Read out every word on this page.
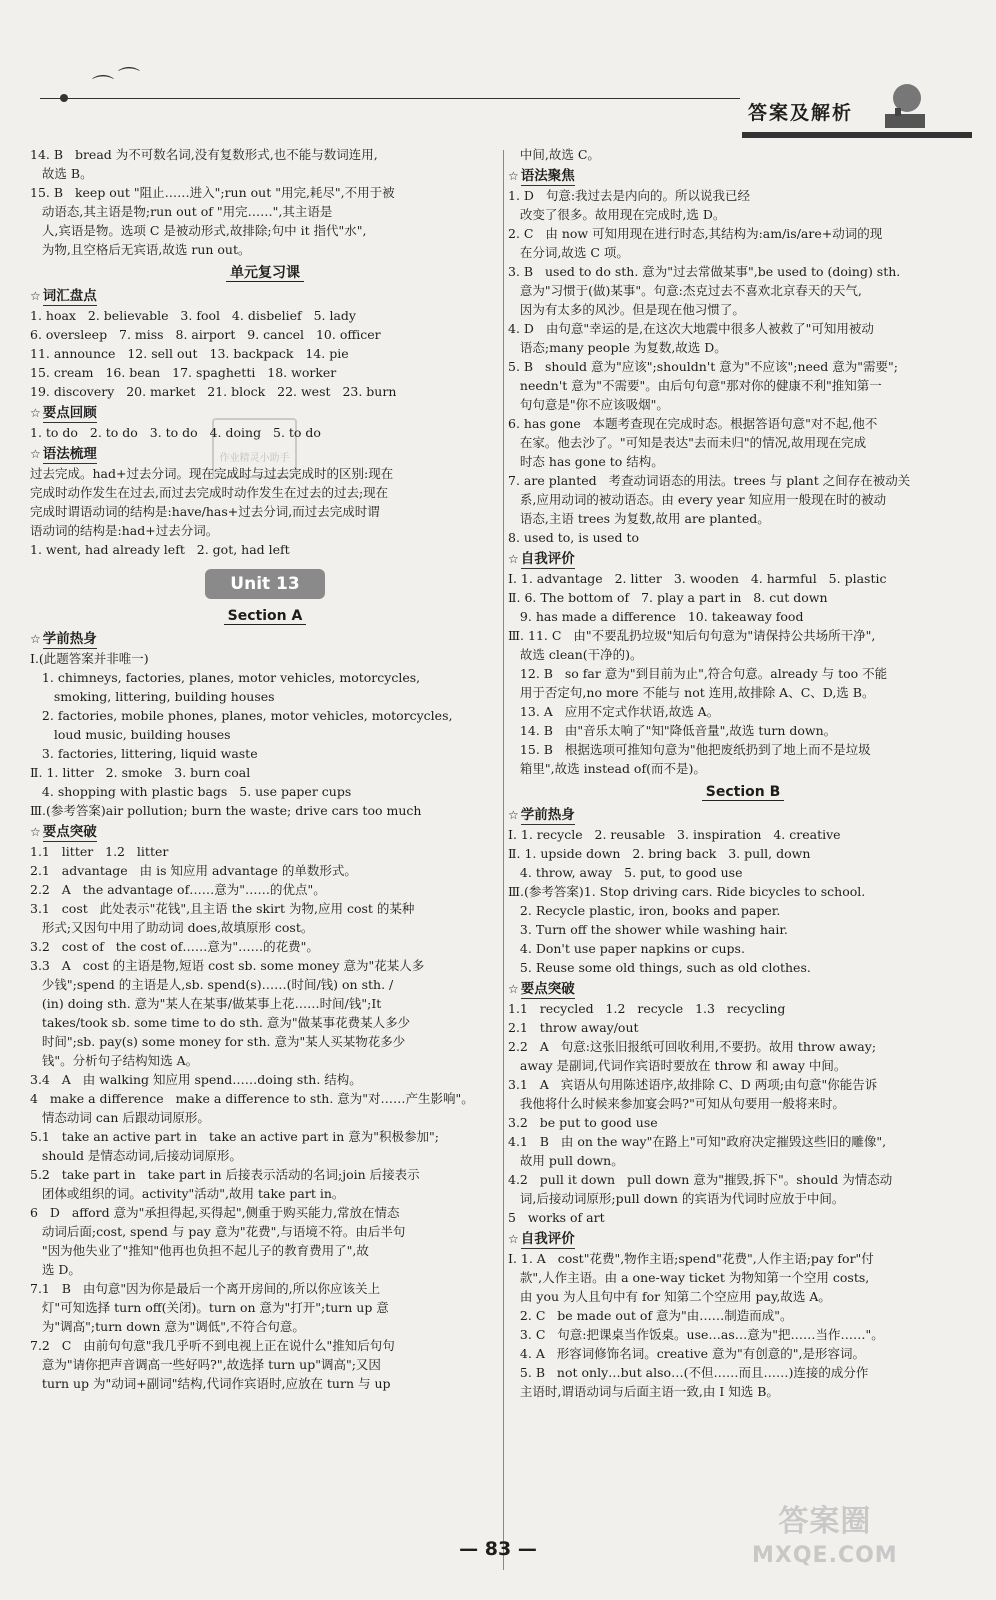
⌒ ⌒
答案及解析
作业精灵小助手
14. B   bread 为不可数名词,没有复数形式,也不能与数词连用,
故选 B。
15. B   keep out "阻止……进入";run out "用完,耗尽",不用于被
动语态,其主语是物;run out of "用完……",其主语是
人,宾语是物。选项 C 是被动形式,故排除;句中 it 指代"水",
为物,且空格后无宾语,故选 run out。
单元复习课
☆ 词汇盘点
1. hoax   2. believable   3. fool   4. disbelief   5. lady
6. oversleep   7. miss   8. airport   9. cancel   10. officer
11. announce   12. sell out   13. backpack   14. pie
15. cream   16. bean   17. spaghetti   18. worker
19. discovery   20. market   21. block   22. west   23. burn
☆ 要点回顾
1. to do   2. to do   3. to do   4. doing   5. to do
☆ 语法梳理
过去完成。had+过去分词。现在完成时与过去完成时的区别:现在
完成时动作发生在过去,而过去完成时动作发生在过去的过去;现在
完成时谓语动词的结构是:have/has+过去分词,而过去完成时谓
语动词的结构是:had+过去分词。
1. went, had already left   2. got, had left
Unit 13
Section A
☆ 学前热身
Ⅰ.(此题答案并非唯一)
1. chimneys, factories, planes, motor vehicles, motorcycles,
smoking, littering, building houses
2. factories, mobile phones, planes, motor vehicles, motorcycles,
loud music, building houses
3. factories, littering, liquid waste
Ⅱ. 1. litter   2. smoke   3. burn coal
4. shopping with plastic bags   5. use paper cups
Ⅲ.(参考答案)air pollution; burn the waste; drive cars too much
☆ 要点突破
1.1   litter   1.2   litter
2.1   advantage   由 is 知应用 advantage 的单数形式。
2.2   A   the advantage of……意为"……的优点"。
3.1   cost   此处表示"花钱",且主语 the skirt 为物,应用 cost 的某种
形式;又因句中用了助动词 does,故填原形 cost。
3.2   cost of   the cost of……意为"……的花费"。
3.3   A   cost 的主语是物,短语 cost sb. some money 意为"花某人多
少钱";spend 的主语是人,sb. spend(s)……(时间/钱) on sth. /
(in) doing sth. 意为"某人在某事/做某事上花……时间/钱";It
takes/took sb. some time to do sth. 意为"做某事花费某人多少
时间";sb. pay(s) some money for sth. 意为"某人买某物花多少
钱"。分析句子结构知选 A。
3.4   A   由 walking 知应用 spend……doing sth. 结构。
4   make a difference   make a difference to sth. 意为"对……产生影响"。
情态动词 can 后跟动词原形。
5.1   take an active part in   take an active part in 意为"积极参加";
should 是情态动词,后接动词原形。
5.2   take part in   take part in 后接表示活动的名词;join 后接表示
团体或组织的词。activity"活动",故用 take part in。
6   D   afford 意为"承担得起,买得起",侧重于购买能力,常放在情态
动词后面;cost, spend 与 pay 意为"花费",与语境不符。由后半句
"因为他失业了"推知"他再也负担不起儿子的教育费用了",故
选 D。
7.1   B   由句意"因为你是最后一个离开房间的,所以你应该关上
灯"可知选择 turn off(关闭)。turn on 意为"打开";turn up 意
为"调高";turn down 意为"调低",不符合句意。
7.2   C   由前句句意"我几乎听不到电视上正在说什么"推知后句句
意为"请你把声音调高一些好吗?",故选择 turn up"调高";又因
turn up 为"动词+副词"结构,代词作宾语时,应放在 turn 与 up
中间,故选 C。
☆ 语法聚焦
1. D   句意:我过去是内向的。所以说我已经
改变了很多。故用现在完成时,选 D。
2. C   由 now 可知用现在进行时态,其结构为:am/is/are+动词的现
在分词,故选 C 项。
3. B   used to do sth. 意为"过去常做某事",be used to (doing) sth.
意为"习惯于(做)某事"。句意:杰克过去不喜欢北京春天的天气,
因为有太多的风沙。但是现在他习惯了。
4. D   由句意"幸运的是,在这次大地震中很多人被救了"可知用被动
语态;many people 为复数,故选 D。
5. B   should 意为"应该";shouldn't 意为"不应该";need 意为"需要";
needn't 意为"不需要"。由后句句意"那对你的健康不利"推知第一
句句意是"你不应该吸烟"。
6. has gone   本题考查现在完成时态。根据答语句意"对不起,他不
在家。他去沙了。"可知是表达"去而未归"的情况,故用现在完成
时态 has gone to 结构。
7. are planted   考查动词语态的用法。trees 与 plant 之间存在被动关
系,应用动词的被动语态。由 every year 知应用一般现在时的被动
语态,主语 trees 为复数,故用 are planted。
8. used to, is used to
☆ 自我评价
Ⅰ. 1. advantage   2. litter   3. wooden   4. harmful   5. plastic
Ⅱ. 6. The bottom of   7. play a part in   8. cut down
9. has made a difference   10. takeaway food
Ⅲ. 11. C   由"不要乱扔垃圾"知后句句意为"请保持公共场所干净",
故选 clean(干净的)。
12. B   so far 意为"到目前为止",符合句意。already 与 too 不能
用于否定句,no more 不能与 not 连用,故排除 A、C、D,选 B。
13. A   应用不定式作状语,故选 A。
14. B   由"音乐太响了"知"降低音量",故选 turn down。
15. B   根据选项可推知句意为"他把废纸扔到了地上而不是垃圾
箱里",故选 instead of(而不是)。
Section B
☆ 学前热身
Ⅰ. 1. recycle   2. reusable   3. inspiration   4. creative
Ⅱ. 1. upside down   2. bring back   3. pull, down
4. throw, away   5. put, to good use
Ⅲ.(参考答案)1. Stop driving cars. Ride bicycles to school.
2. Recycle plastic, iron, books and paper.
3. Turn off the shower while washing hair.
4. Don't use paper napkins or cups.
5. Reuse some old things, such as old clothes.
☆ 要点突破
1.1   recycled   1.2   recycle   1.3   recycling
2.1   throw away/out
2.2   A   句意:这张旧报纸可回收利用,不要扔。故用 throw away;
away 是副词,代词作宾语时要放在 throw 和 away 中间。
3.1   A   宾语从句用陈述语序,故排除 C、D 两项;由句意"你能告诉
我他将什么时候来参加宴会吗?"可知从句要用一般将来时。
3.2   be put to good use
4.1   B   由 on the way"在路上"可知"政府决定摧毁这些旧的雕像",
故用 pull down。
4.2   pull it down   pull down 意为"摧毁,拆下"。should 为情态动
词,后接动词原形;pull down 的宾语为代词时应放于中间。
5   works of art
☆ 自我评价
Ⅰ. 1. A   cost"花费",物作主语;spend"花费",人作主语;pay for"付
款",人作主语。由 a one-way ticket 为物知第一个空用 costs,
由 you 为人且句中有 for 知第二个空应用 pay,故选 A。
2. C   be made out of 意为"由……制造而成"。
3. C   句意:把课桌当作饭桌。use…as…意为"把……当作……"。
4. A   形容词修饰名词。creative 意为"有创意的",是形容词。
5. B   not only…but also…(不但……而且……)连接的成分作
主语时,谓语动词与后面主语一致,由 I 知选 B。
— 83 —
答案圈
MXQE.COM
